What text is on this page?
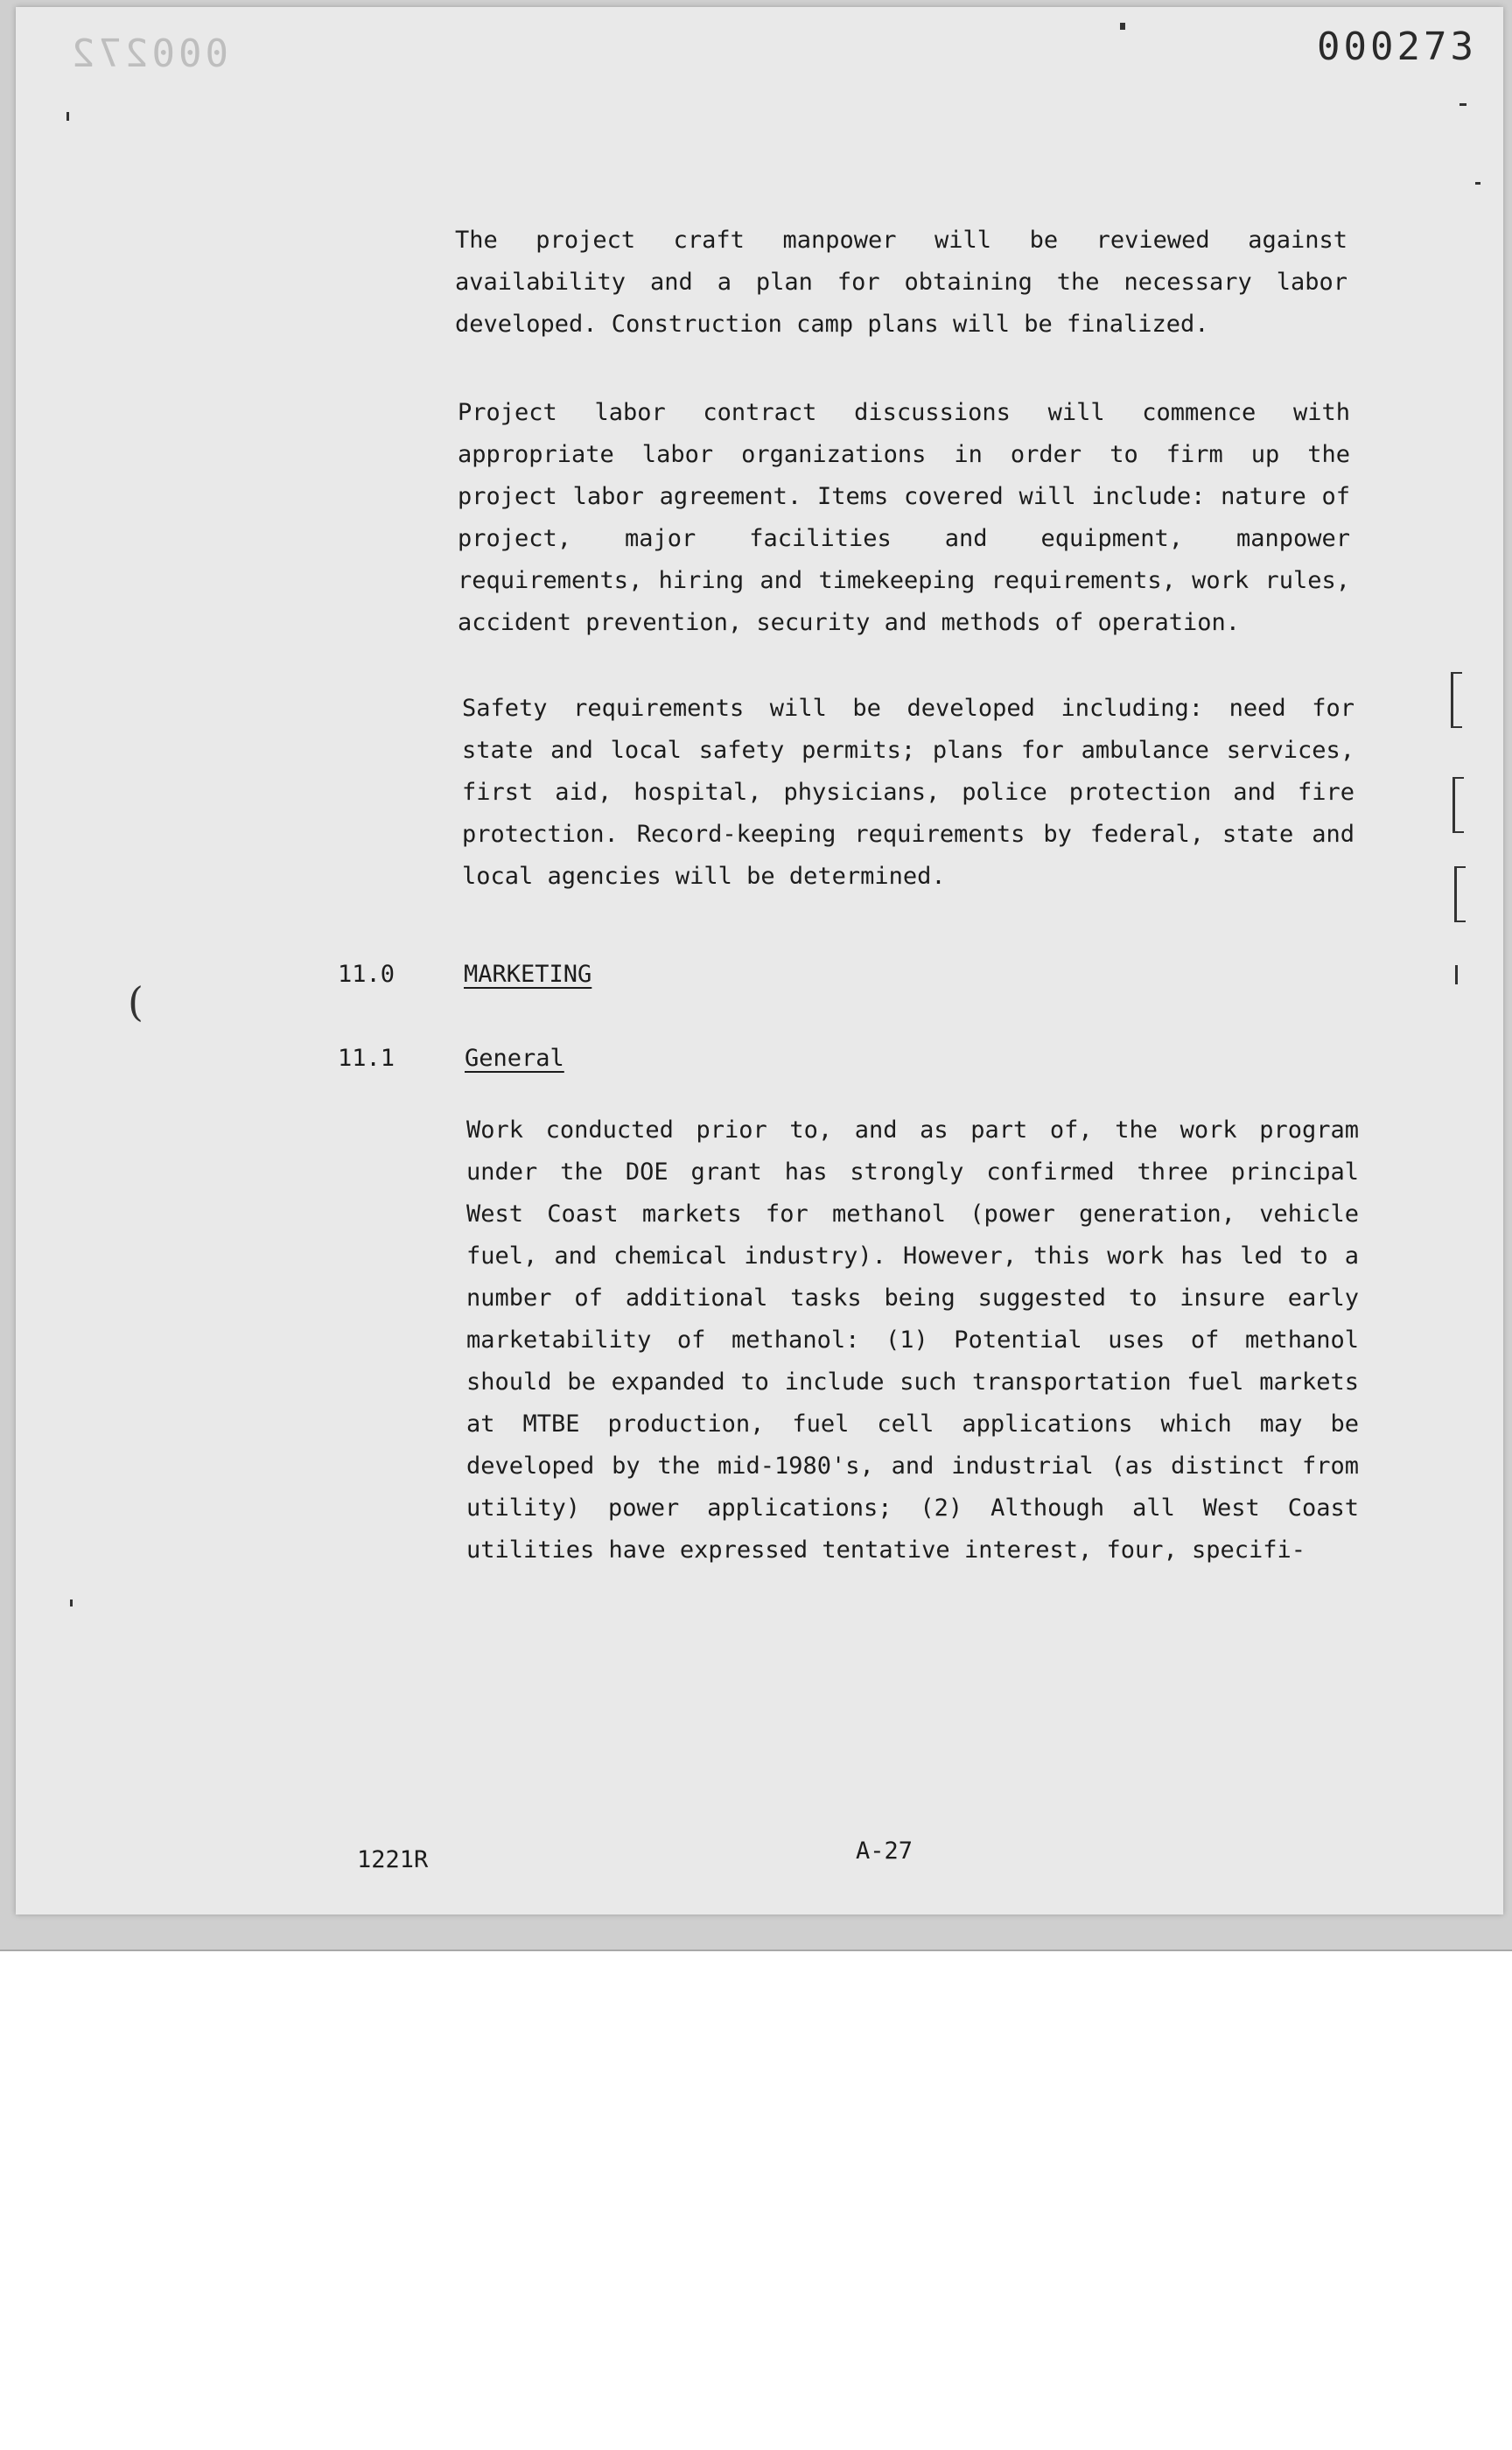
000272	000273

The project craft manpower will be reviewed against availability and a plan for obtaining the necessary labor developed. Construction camp plans will be finalized.

Project labor contract discussions will commence with appropriate labor organizations in order to firm up the project labor agreement. Items covered will include: nature of project, major facilities and equipment, manpower requirements, hiring and timekeeping requirements, work rules, accident prevention, security and methods of operation.

Safety requirements will be developed including: need for state and local safety permits; plans for ambulance services, first aid, hospital, physicians, police protection and fire protection. Record-keeping requirements by federal, state and local agencies will be determined.

11.0	MARKETING
11.1	General

Work conducted prior to, and as part of, the work program under the DOE grant has strongly confirmed three principal West Coast markets for methanol (power generation, vehicle fuel, and chemical industry). However, this work has led to a number of additional tasks being suggested to insure early marketability of methanol: (1) Potential uses of methanol should be expanded to include such transportation fuel markets at MTBE production, fuel cell applications which may be developed by the mid-1980's, and industrial (as distinct from utility) power applications; (2) Although all West Coast utilities have expressed tentative interest, four, specifi-

1221R	A-27
(
